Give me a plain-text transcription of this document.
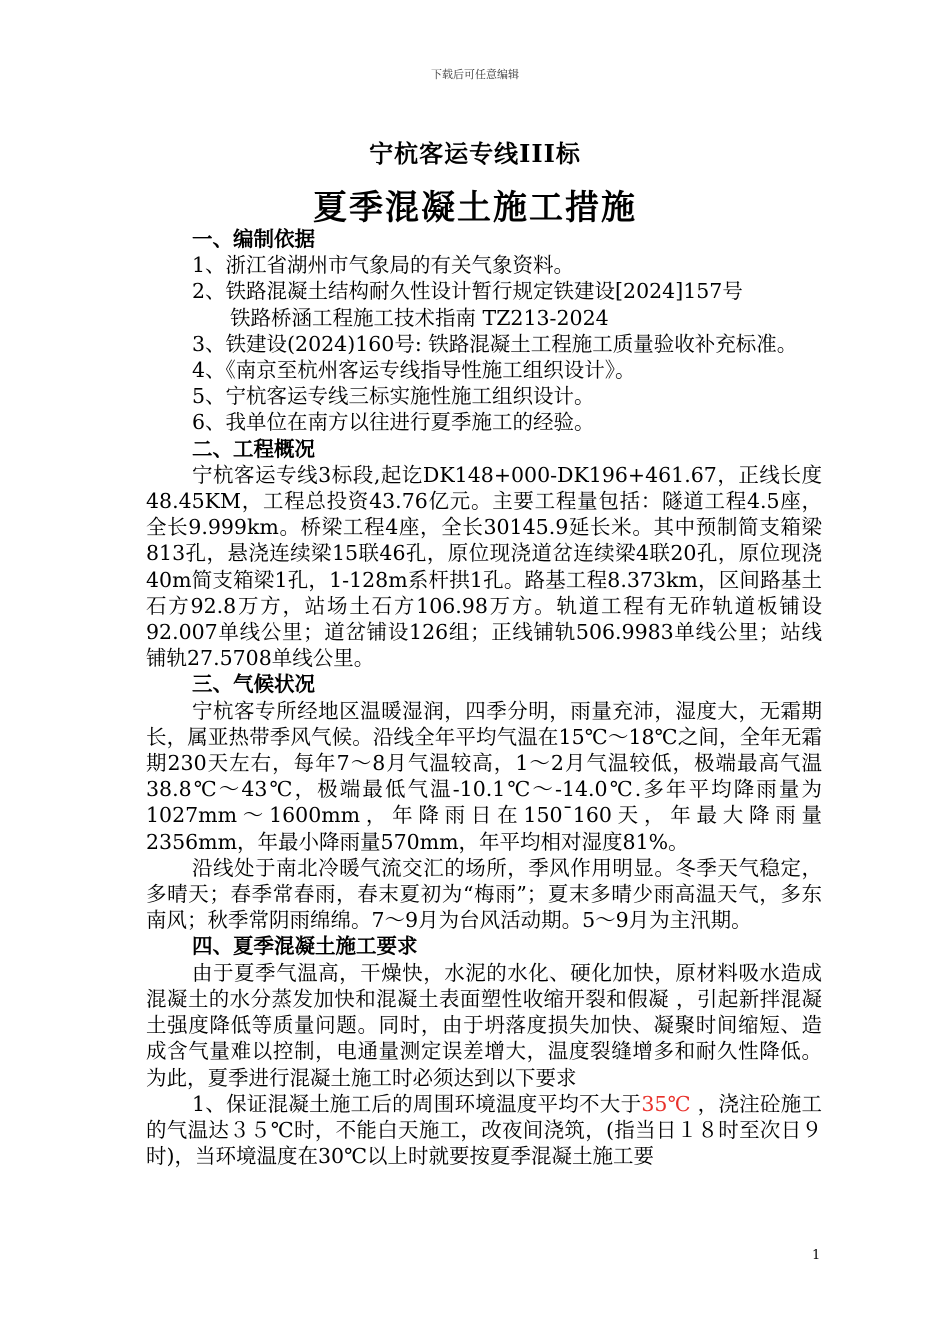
下载后可任意编辑
宁杭客运专线III标
夏季混凝土施工措施

一、编制依据

1、浙江省湖州市气象局的有关气象资料。

2、铁路混凝土结构耐久性设计暂行规定铁建设[2024]157号

铁路桥涵工程施工技术指南 TZ213-2024

3、铁建设(2024)160号: 铁路混凝土工程施工质量验收补充标准。

4、《南京至杭州客运专线指导性施工组织设计》。

5、宁杭客运专线三标实施性施工组织设计。

6、我单位在南方以往进行夏季施工的经验。

二、工程概况

宁杭客运专线3标段,起讫DK148+000-DK196+461.67，正线长度48.45KM，工程总投资43.76亿元。主要工程量包括：隧道工程4.5座，全长9.999km。桥梁工程4座，全长30145.9延长米。其中预制简支箱梁813孔，悬浇连续梁15联46孔，原位现浇道岔连续梁4联20孔，原位现浇40m简支箱梁1孔，1-128m系杆拱1孔。路基工程8.373km，区间路基土石方92.8万方，站场土石方106.98万方。轨道工程有无砟轨道板铺设92.007单线公里；道岔铺设126组；正线铺轨506.9983单线公里；站线铺轨27.5708单线公里。

三、气候状况

宁杭客专所经地区温暖湿润，四季分明，雨量充沛，湿度大，无霜期长，属亚热带季风气候。沿线全年平均气温在15℃～18℃之间，全年无霜期230天左右，每年7～8月气温较高，1～2月气温较低，极端最高气温38.8℃～43℃，极端最低气温-10.1℃～-14.0℃.多年平均降雨量为1027mm～1600mm，年降雨日在150ˉ160天，年最大降雨量2356mm，年最小降雨量570mm，年平均相对湿度81%。

沿线处于南北冷暖气流交汇的场所，季风作用明显。冬季天气稳定，多晴天；春季常春雨，春末夏初为“梅雨”；夏末多晴少雨高温天气，多东南风；秋季常阴雨绵绵。7～9月为台风活动期。5～9月为主汛期。

四、夏季混凝土施工要求

由于夏季气温高，干燥快，水泥的水化、硬化加快，原材料吸水造成混凝土的水分蒸发加快和混凝土表面塑性收缩开裂和假凝 ，引起新拌混凝土强度降低等质量问题。同时，由于坍落度损失加快、凝聚时间缩短、造成含气量难以控制，电通量测定误差增大，温度裂缝增多和耐久性降低。为此，夏季进行混凝土施工时必须达到以下要求

1、保证混凝土施工后的周围环境温度平均不大于35℃ ，浇注砼施工的气温达３５℃时，不能白天施工，改夜间浇筑，(指当日１８时至次日９时)，当环境温度在30℃以上时就要按夏季混凝土施工要

1
